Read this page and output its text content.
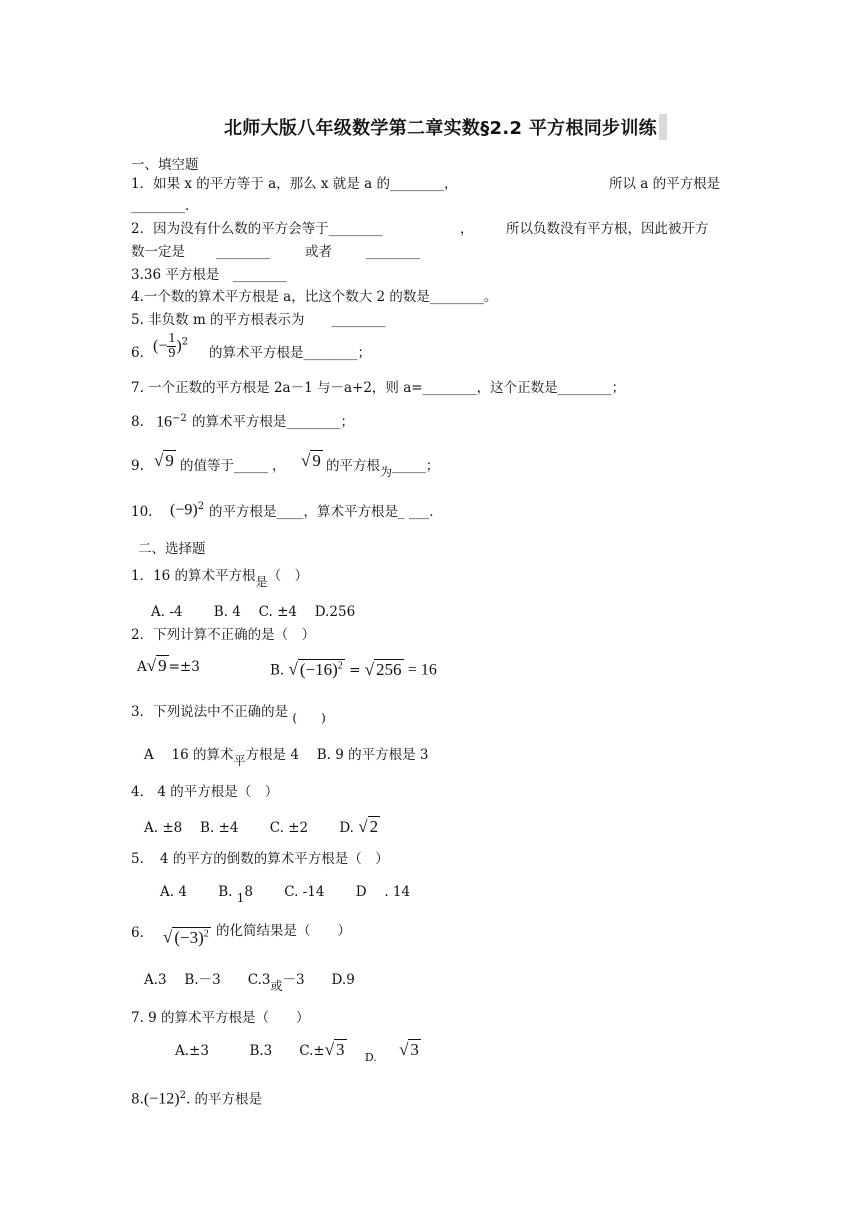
北师大版八年级数学第二章实数§2.2 平方根同步训练
一、填空题
1．如果 x 的平方等于 a，那么 x 就是 a 的________，	所以 a 的平方根是
________.
2．因为没有什么数的平方会等于________	， 所以负数没有平方根，因此被开方
数一定是 ________	或者	________
3.36 平方根是　________
4.一个数的算术平方根是 a，比这个数大 2 的数是________。
5. 非负数 m 的平方根表示为　　________
6. (− $\frac{1}{9} )^2$
的算术平方根是________；
7. 一个正数的平方根是 2a－1 与－a+2，则 a=________，这个正数是________；
8. $16^{-2}$ 的算术平方根是________；
9. √ 9 的值等于_____ ， √ 9 的平方根为_____；
10. $(-9)^2$ 的平方根是____，算术平方根是_ ___.
二、选择题
1．16 的算术平方根是（　）
A. -4　　 B. 4　 C. ±4　 D.256
2．下列计算不正确的是（　）
A√ 9 =±3	B. √ $(-16)^2$ = √ 256 = 16
3．下列说法中不正确的是 (　　)
A　 16 的算术平方根是 4　 B. 9 的平方根是 3
4.　4 的平方根是（　）
A. ±8　 B. ±4　　 C. ±2　　 D. √ 2
5．　4 的平方的倒数的算术平方根是（　）
A. 4　　 B. 18　　 C. -14　　 D　 . 14
6. √ $(-3)^2$ 的化简结果是（　　）
A.3　 B.－3　　C.3或－3　　D.9
7. 9 的算术平方根是（　　）
A.±3　　　B.3　　C.±√ 3 $_{D.}$ √ 3
$8.(-12)^2$. 的平方根是
